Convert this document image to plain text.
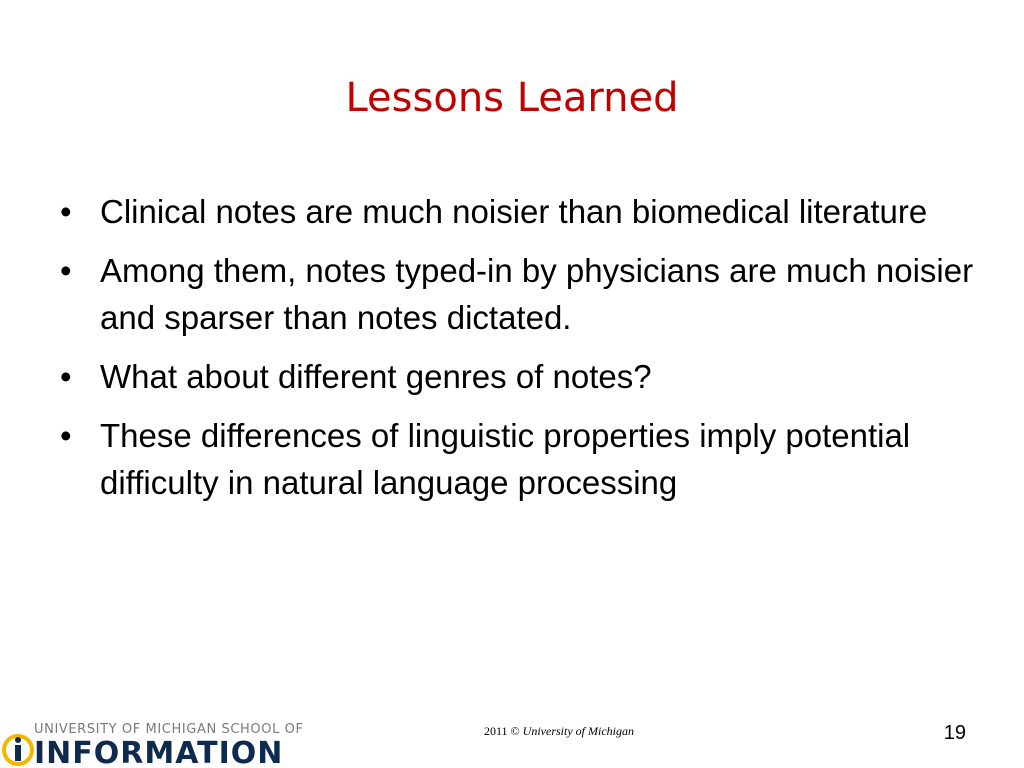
Lessons Learned
• Clinical notes are much noisier than biomedical literature
• Among them, notes typed-in by physicians are much noisier and sparser than notes dictated.
• What about different genres of notes?
• These differences of linguistic properties imply potential difficulty in natural language processing
UNIVERSITY OF MICHIGAN SCHOOL OF
INFORMATION
2011 © University of Michigan	19
